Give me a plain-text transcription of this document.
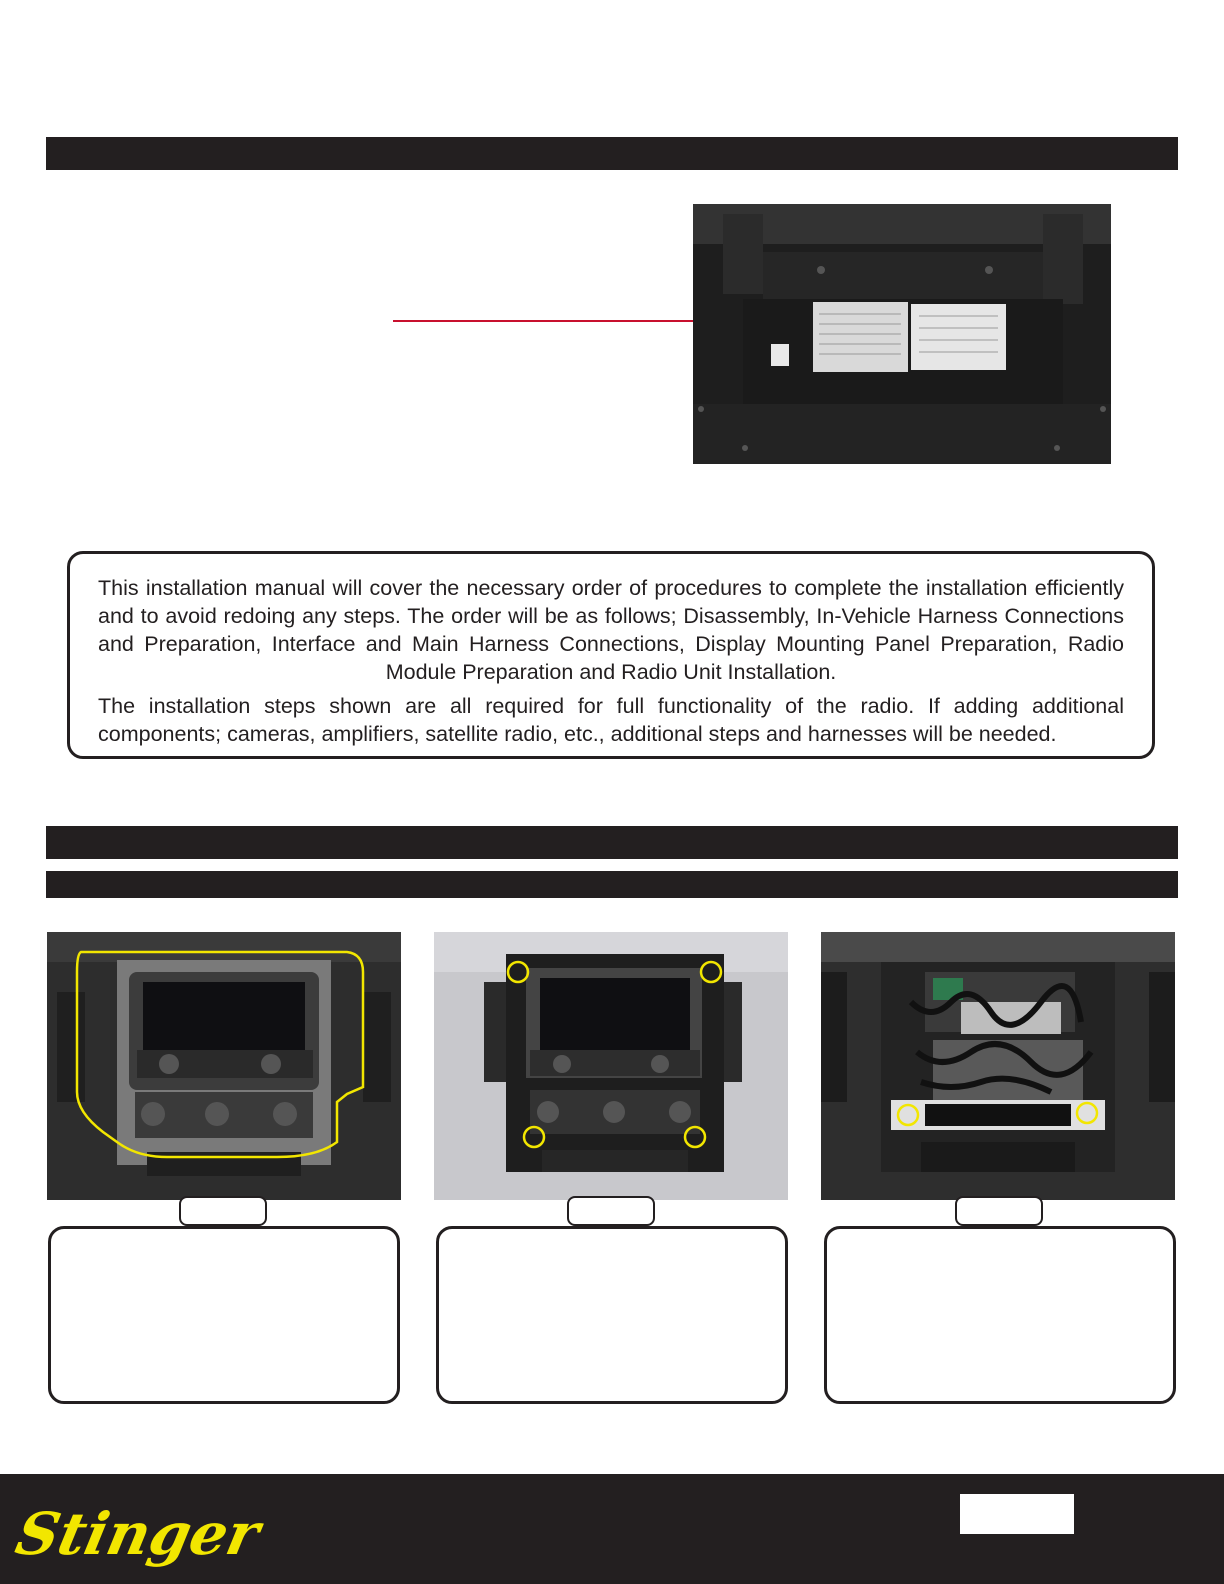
This installation manual will cover the necessary order of procedures to complete the installation efficiently and to avoid redoing any steps. The order will be as follows; Disassembly, In-Vehicle Harness Connections and Preparation, Interface and Main Harness Connections, Display Mounting Panel Preparation, Radio Module Preparation and Radio Unit Installation.

The installation steps shown are all required for full functionality of the radio. If adding additional components; cameras, amplifiers, satellite radio, etc., additional steps and harnesses will be needed.

Stinger
